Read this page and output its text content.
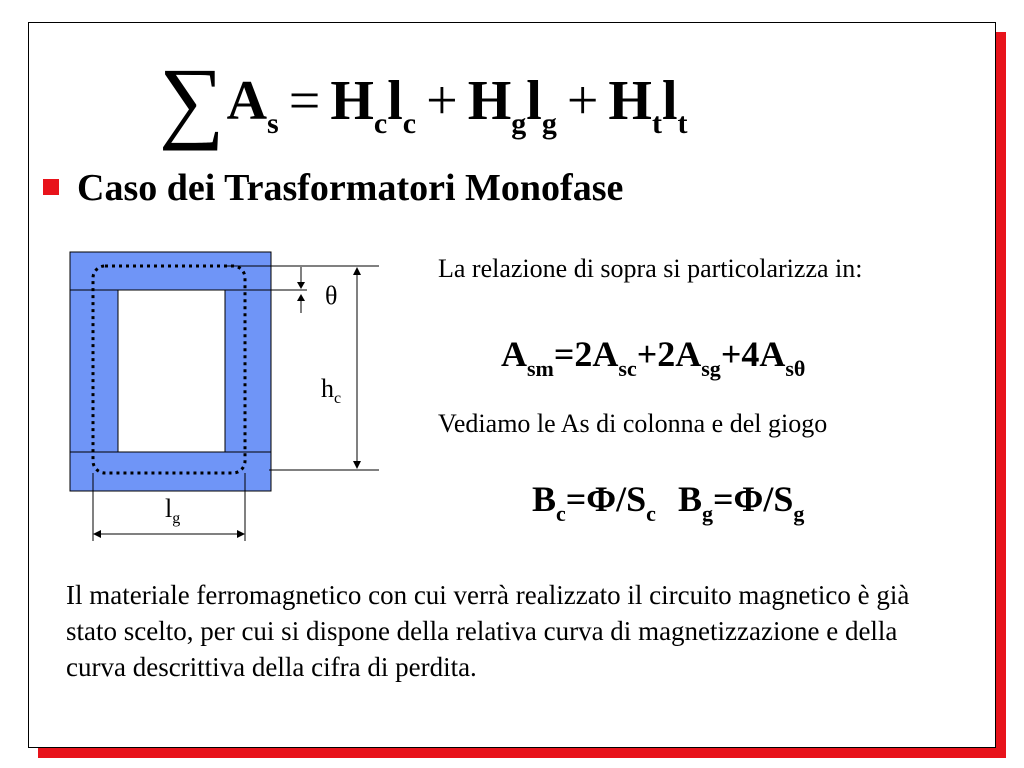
$\sum A_s = H_cl_c + H_gl_g + H_tl_t$
Caso dei Trasformatori Monofase
θ
$h_c$
$l_g$
La relazione di sopra si particolarizza in:
$A_{sm}=2A_{sc}+2A_{sg}+4A_{s\theta}$
Vediamo le As di colonna e del giogo
$B_c=\Phi/S_c$ $B_g=\Phi/S_g$
Il materiale ferromagnetico con cui verrà realizzato il circuito magnetico è già stato scelto, per cui si dispone della relativa curva di magnetizzazione e della curva descrittiva della cifra di perdita.
